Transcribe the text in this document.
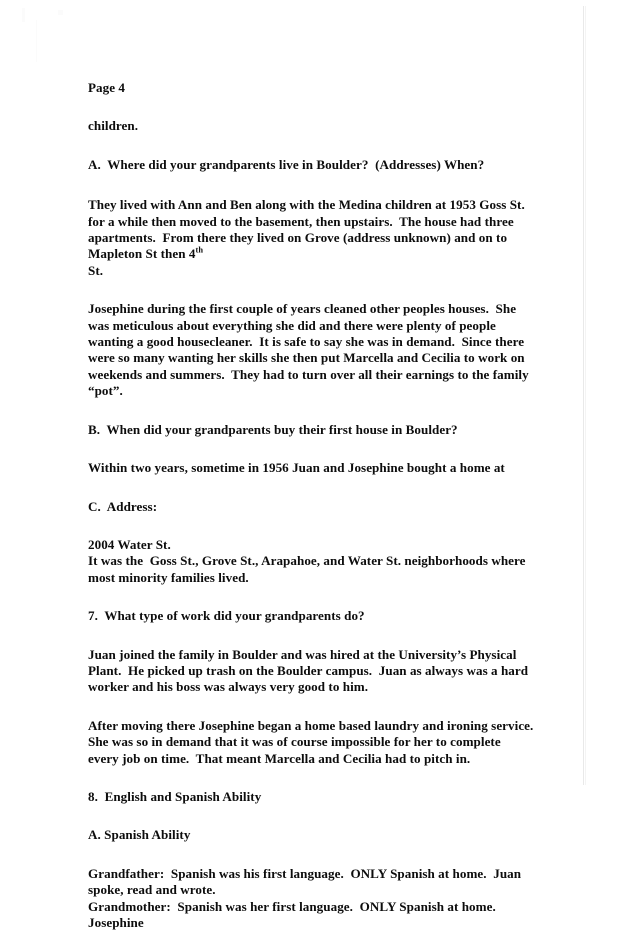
Page 4
children.
A.  Where did your grandparents live in Boulder?  (Addresses) When?
They lived with Ann and Ben along with the Medina children at 1953 Goss St. for a while then moved to the basement, then upstairs.  The house had three apartments.  From there they lived on Grove (address unknown) and on to Mapleton St then 4th
St.
Josephine during the first couple of years cleaned other peoples houses.  She was meticulous about everything she did and there were plenty of people wanting a good housecleaner.  It is safe to say she was in demand.  Since there were so many wanting her skills she then put Marcella and Cecilia to work on weekends and summers.  They had to turn over all their earnings to the family “pot”.
B.  When did your grandparents buy their first house in Boulder?
Within two years, sometime in 1956 Juan and Josephine bought a home at
C.  Address:
2004 Water St.
It was the  Goss St., Grove St., Arapahoe, and Water St. neighborhoods where most minority families lived.
7.  What type of work did your grandparents do?
Juan joined the family in Boulder and was hired at the University’s Physical Plant.  He picked up trash on the Boulder campus.  Juan as always was a hard worker and his boss was always very good to him.
After moving there Josephine began a home based laundry and ironing service.  She was so in demand that it was of course impossible for her to complete every job on time.  That meant Marcella and Cecilia had to pitch in.
8.  English and Spanish Ability
A. Spanish Ability
Grandfather:  Spanish was his first language.  ONLY Spanish at home.  Juan spoke, read and wrote.
Grandmother:  Spanish was her first language.  ONLY Spanish at home.  Josephine
